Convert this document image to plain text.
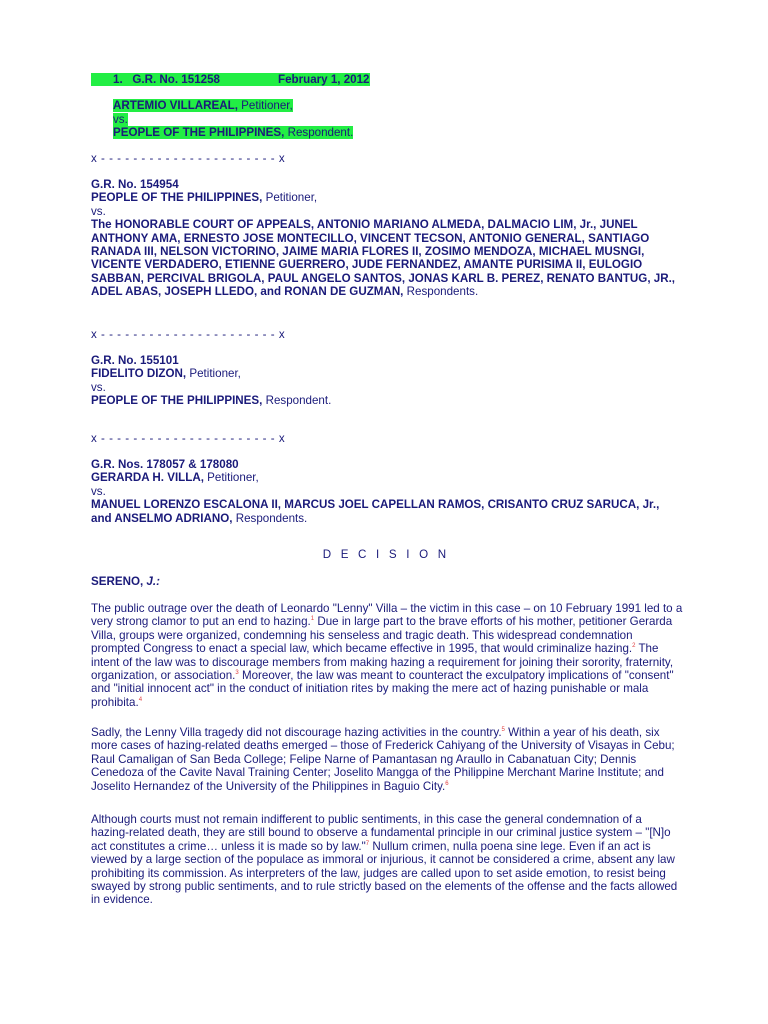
1. G.R. No. 151258	February 1, 2012

ARTEMIO VILLAREAL, Petitioner,

vs.

PEOPLE OF THE PHILIPPINES, Respondent.

x - - - - - - - - - - - - - - - - - - - - - - x

G.R. No. 154954

PEOPLE OF THE PHILIPPINES, Petitioner,

vs.

The HONORABLE COURT OF APPEALS, ANTONIO MARIANO ALMEDA, DALMACIO LIM, Jr., JUNEL ANTHONY AMA, ERNESTO JOSE MONTECILLO, VINCENT TECSON, ANTONIO GENERAL, SANTIAGO RANADA III, NELSON VICTORINO, JAIME MARIA FLORES II, ZOSIMO MENDOZA, MICHAEL MUSNGI, VICENTE VERDADERO, ETIENNE GUERRERO, JUDE FERNANDEZ, AMANTE PURISIMA II, EULOGIO SABBAN, PERCIVAL BRIGOLA, PAUL ANGELO SANTOS, JONAS KARL B. PEREZ, RENATO BANTUG, JR., ADEL ABAS, JOSEPH LLEDO, and RONAN DE GUZMAN, Respondents.

x - - - - - - - - - - - - - - - - - - - - - - x

G.R. No. 155101

FIDELITO DIZON, Petitioner,

vs.

PEOPLE OF THE PHILIPPINES, Respondent.

x - - - - - - - - - - - - - - - - - - - - - - x

G.R. Nos. 178057 & 178080

GERARDA H. VILLA, Petitioner,

vs.

MANUEL LORENZO ESCALONA II, MARCUS JOEL CAPELLAN RAMOS, CRISANTO CRUZ SARUCA, Jr., and ANSELMO ADRIANO, Respondents.

D E C I S I O N

SERENO, J.:

The public outrage over the death of Leonardo "Lenny" Villa – the victim in this case – on 10 February 1991 led to a very strong clamor to put an end to hazing.$^1$ Due in large part to the brave efforts of his mother, petitioner Gerarda Villa, groups were organized, condemning his senseless and tragic death. This widespread condemnation prompted Congress to enact a special law, which became effective in 1995, that would criminalize hazing.$^2$ The intent of the law was to discourage members from making hazing a requirement for joining their sorority, fraternity, organization, or association.$^3$ Moreover, the law was meant to counteract the exculpatory implications of "consent" and "initial innocent act" in the conduct of initiation rites by making the mere act of hazing punishable or mala prohibita.$^4$

Sadly, the Lenny Villa tragedy did not discourage hazing activities in the country.$^5$ Within a year of his death, six more cases of hazing-related deaths emerged – those of Frederick Cahiyang of the University of Visayas in Cebu; Raul Camaligan of San Beda College; Felipe Narne of Pamantasan ng Araullo in Cabanatuan City; Dennis Cenedoza of the Cavite Naval Training Center; Joselito Mangga of the Philippine Merchant Marine Institute; and Joselito Hernandez of the University of the Philippines in Baguio City.$^6$

Although courts must not remain indifferent to public sentiments, in this case the general condemnation of a hazing-related death, they are still bound to observe a fundamental principle in our criminal justice system – "[N]o act constitutes a crime… unless it is made so by law."$^7$ Nullum crimen, nulla poena sine lege. Even if an act is viewed by a large section of the populace as immoral or injurious, it cannot be considered a crime, absent any law prohibiting its commission. As interpreters of the law, judges are called upon to set aside emotion, to resist being swayed by strong public sentiments, and to rule strictly based on the elements of the offense and the facts allowed in evidence.
